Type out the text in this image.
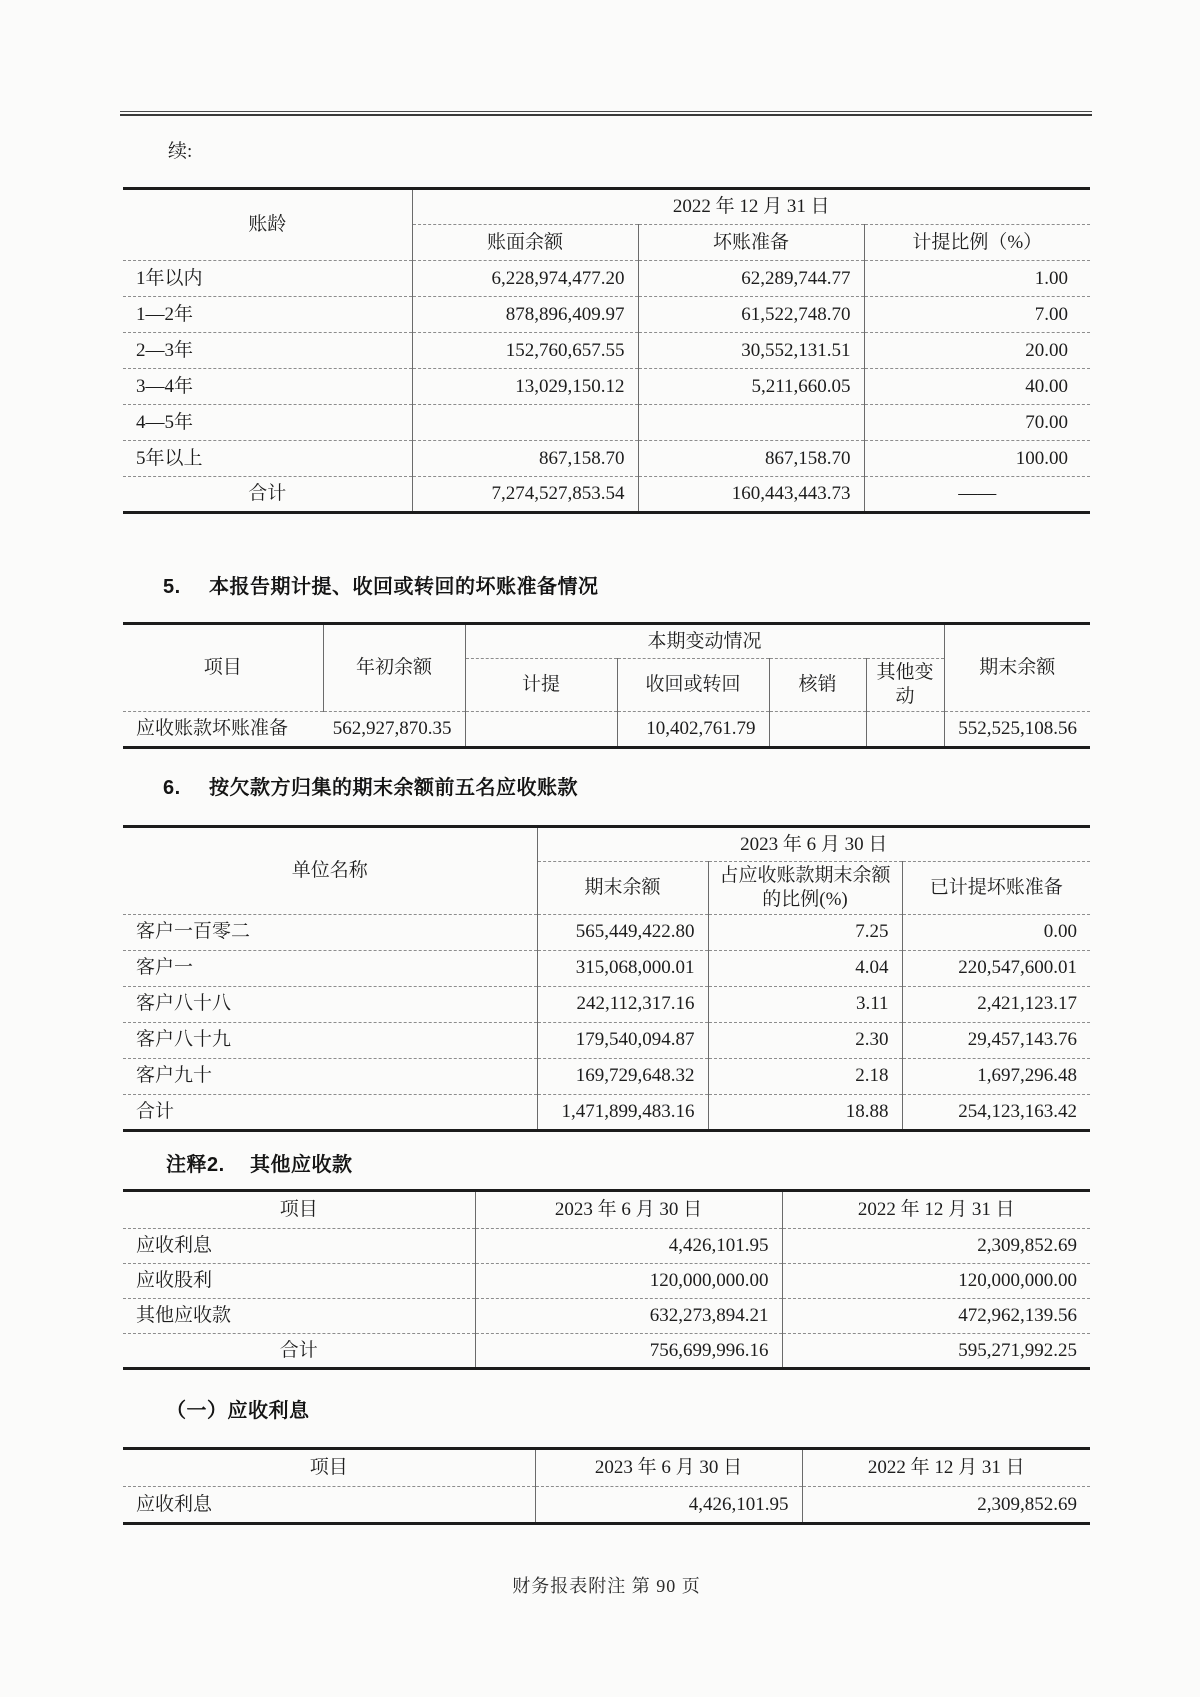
续:
账龄	2022 年 12 月 31 日		
	账面余额	坏账准备	计提比例（%）
1年以内	6,228,974,477.20	62,289,744.77	1.00
1—2年	878,896,409.97	61,522,748.70	7.00
2—3年	152,760,657.55	30,552,131.51	20.00
3—4年	13,029,150.12	5,211,660.05	40.00
4—5年			70.00
5年以上	867,158.70	867,158.70	100.00
合计	7,274,527,853.54	160,443,443.73	——
5. 本报告期计提、收回或转回的坏账准备情况
项目	年初余额	本期变动情况				期末余额
		计提	收回或转回	核销	其他变动	
应收账款坏账准备	562,927,870.35		10,402,761.79			552,525,108.56
6. 按欠款方归集的期末余额前五名应收账款
单位名称	2023 年 6 月 30 日		
	期末余额	占应收账款期末余额的比例(%)	已计提坏账准备
客户一百零二	565,449,422.80	7.25	0.00
客户一	315,068,000.01	4.04	220,547,600.01
客户八十八	242,112,317.16	3.11	2,421,123.17
客户八十九	179,540,094.87	2.30	29,457,143.76
客户九十	169,729,648.32	2.18	1,697,296.48
合计	1,471,899,483.16	18.88	254,123,163.42
注释2. 其他应收款
项目	2023 年 6 月 30 日	2022 年 12 月 31 日
应收利息	4,426,101.95	2,309,852.69
应收股利	120,000,000.00	120,000,000.00
其他应收款	632,273,894.21	472,962,139.56
合计	756,699,996.16	595,271,992.25
（一）应收利息
项目	2023 年 6 月 30 日	2022 年 12 月 31 日
应收利息	4,426,101.95	2,309,852.69
财务报表附注 第 90 页
